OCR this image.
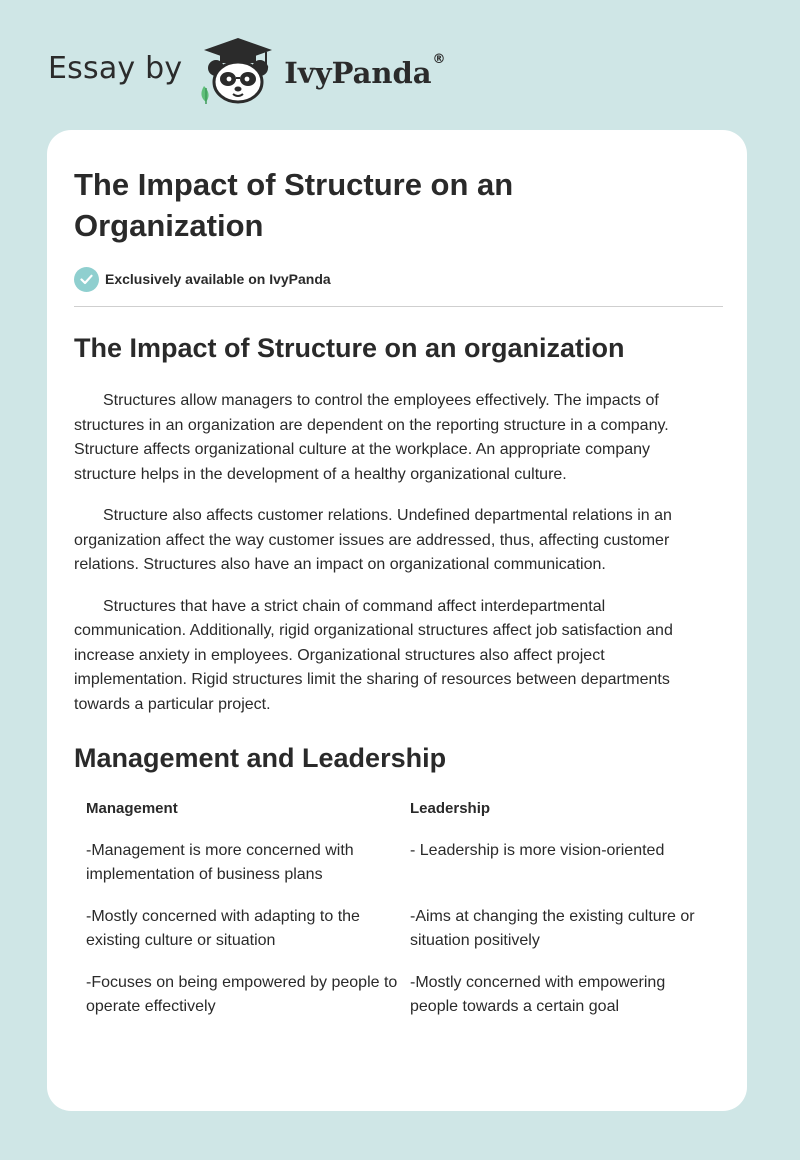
Essay by	IvyPanda®
The Impact of Structure on an Organization
Exclusively available on IvyPanda
The Impact of Structure on an organization

Structures allow managers to control the employees effectively. The impacts of structures in an organization are dependent on the reporting structure in a company. Structure affects organizational culture at the workplace. An appropriate company structure helps in the development of a healthy organizational culture.

Structure also affects customer relations. Undefined departmental relations in an organization affect the way customer issues are addressed, thus, affecting customer relations. Structures also have an impact on organizational communication.

Structures that have a strict chain of command affect interdepartmental communication. Additionally, rigid organizational structures affect job satisfaction and increase anxiety in employees. Organizational structures also affect project implementation. Rigid structures limit the sharing of resources between departments towards a particular project.

Management and Leadership
Management	Leadership
-Management is more concerned with implementation of business plans
- Leadership is more vision-oriented
-Mostly concerned with adapting to the existing culture or situation
-Aims at changing the existing culture or situation positively
-Focuses on being empowered by people to operate effectively
-Mostly concerned with empowering people towards a certain goal
